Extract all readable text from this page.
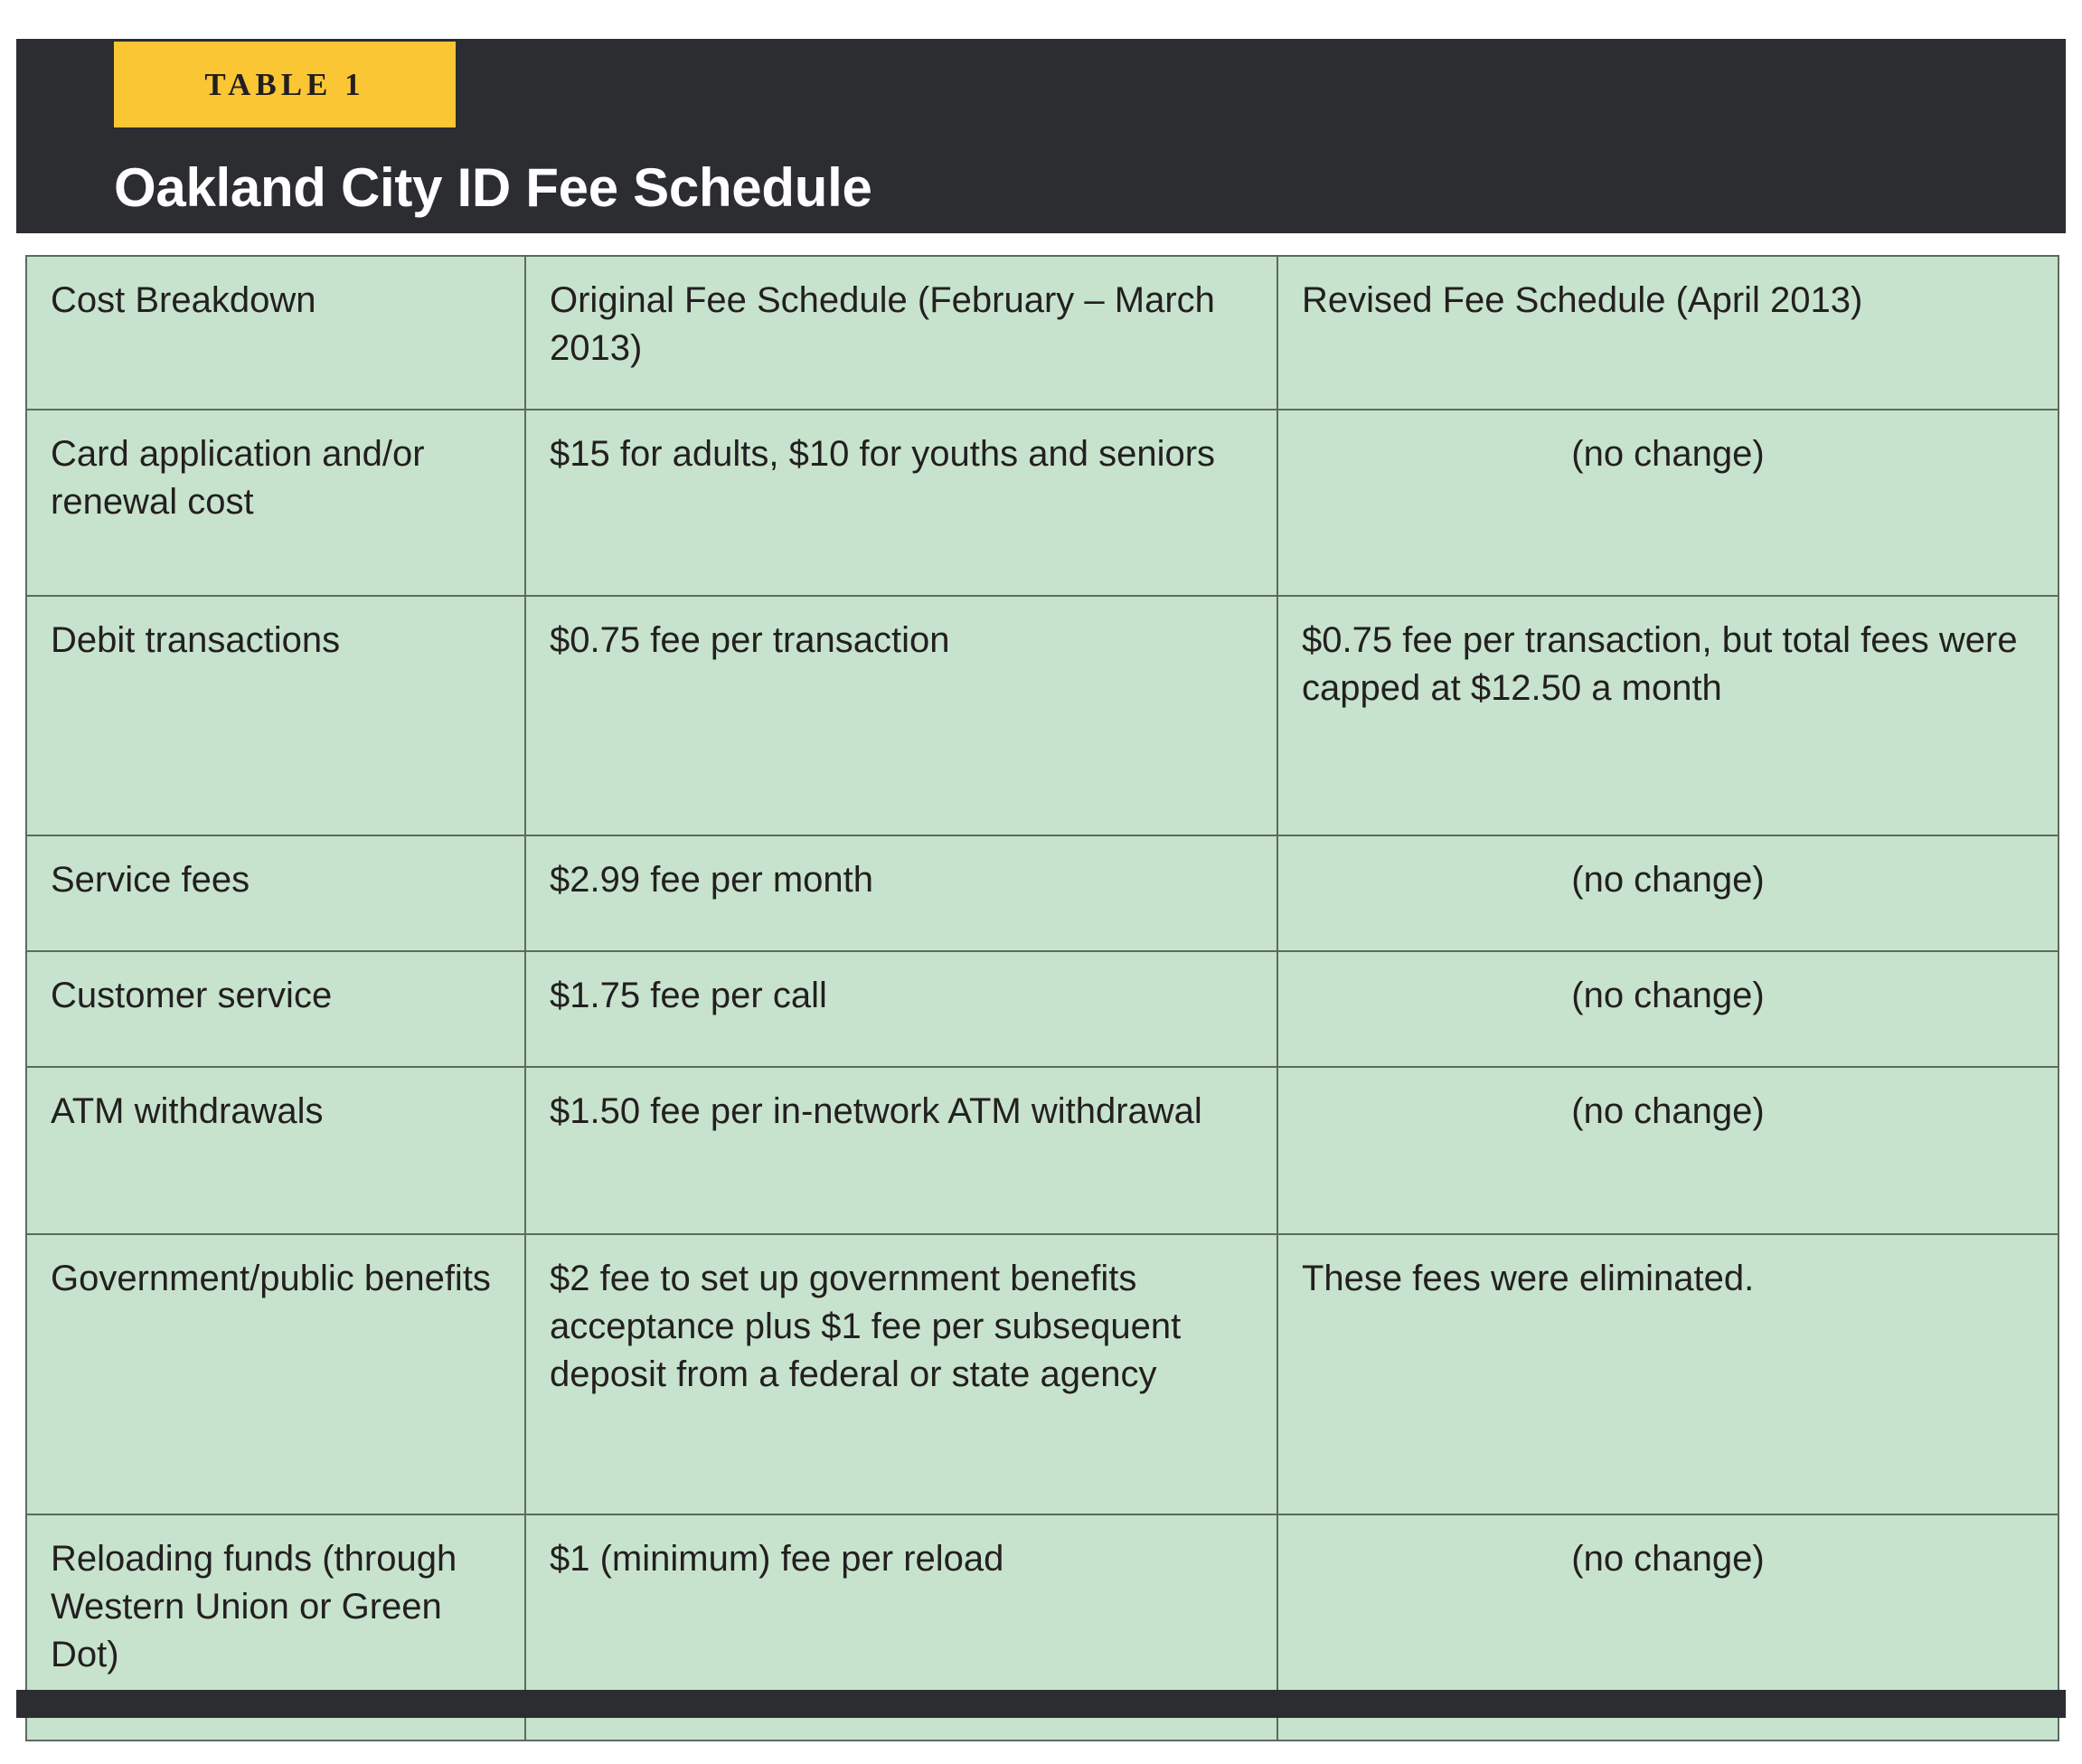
TABLE 1
Oakland City ID Fee Schedule
Cost Breakdown	Original Fee Schedule (February – March 2013)	Revised Fee Schedule (April 2013)
Card application and/or renewal cost	$15 for adults, $10 for youths and seniors	(no change)
Debit transactions	$0.75 fee per transaction	$0.75 fee per transaction, but total fees were capped at $12.50 a month
Service fees	$2.99 fee per month	(no change)
Customer service	$1.75 fee per call	(no change)
ATM withdrawals	$1.50 fee per in-network ATM withdrawal	(no change)
Government/public benefits	$2 fee to set up government benefits acceptance plus $1 fee per subsequent deposit from a federal or state agency	These fees were eliminated.
Reloading funds (through Western Union or Green Dot)	$1 (minimum) fee per reload	(no change)
